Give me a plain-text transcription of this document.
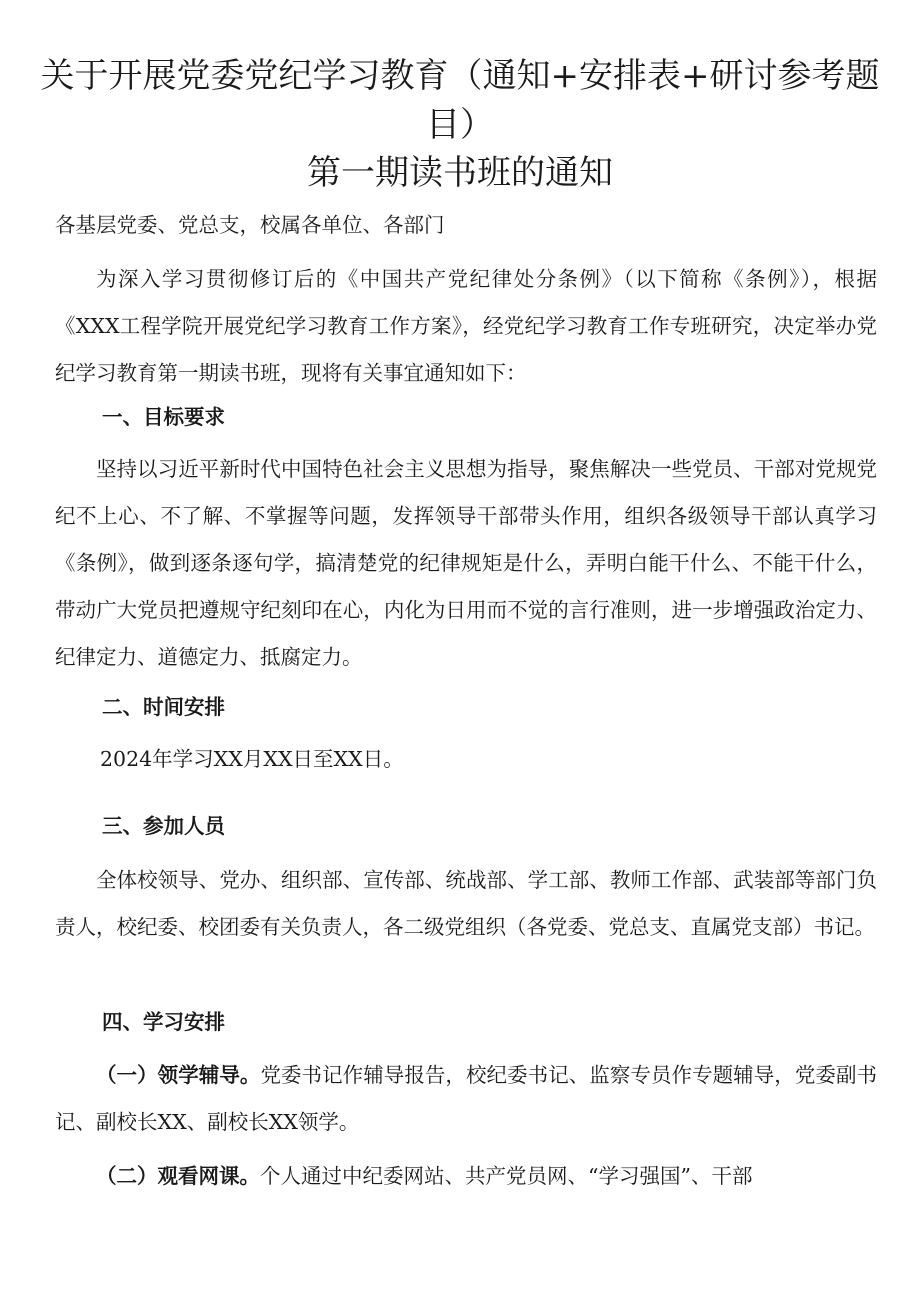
关于开展党委党纪学习教育（通知+安排表+研讨参考题目）
第一期读书班的通知

各基层党委、党总支，校属各单位、各部门

为深入学习贯彻修订后的《中国共产党纪律处分条例》（以下简称《条例》），根据《XXX工程学院开展党纪学习教育工作方案》，经党纪学习教育工作专班研究，决定举办党纪学习教育第一期读书班，现将有关事宜通知如下：

一、目标要求

坚持以习近平新时代中国特色社会主义思想为指导，聚焦解决一些党员、干部对党规党纪不上心、不了解、不掌握等问题，发挥领导干部带头作用，组织各级领导干部认真学习《条例》，做到逐条逐句学，搞清楚党的纪律规矩是什么，弄明白能干什么、不能干什么，带动广大党员把遵规守纪刻印在心，内化为日用而不觉的言行准则，进一步增强政治定力、纪律定力、道德定力、抵腐定力。

二、时间安排

2024年学习XX月XX日至XX日。

三、参加人员

全体校领导、党办、组织部、宣传部、统战部、学工部、教师工作部、武装部等部门负责人，校纪委、校团委有关负责人，各二级党组织（各党委、党总支、直属党支部）书记。

四、学习安排

（一）领学辅导。党委书记作辅导报告，校纪委书记、监察专员作专题辅导，党委副书记、副校长XX、副校长XX领学。

（二）观看网课。个人通过中纪委网站、共产党员网、“学习强国”、干部
